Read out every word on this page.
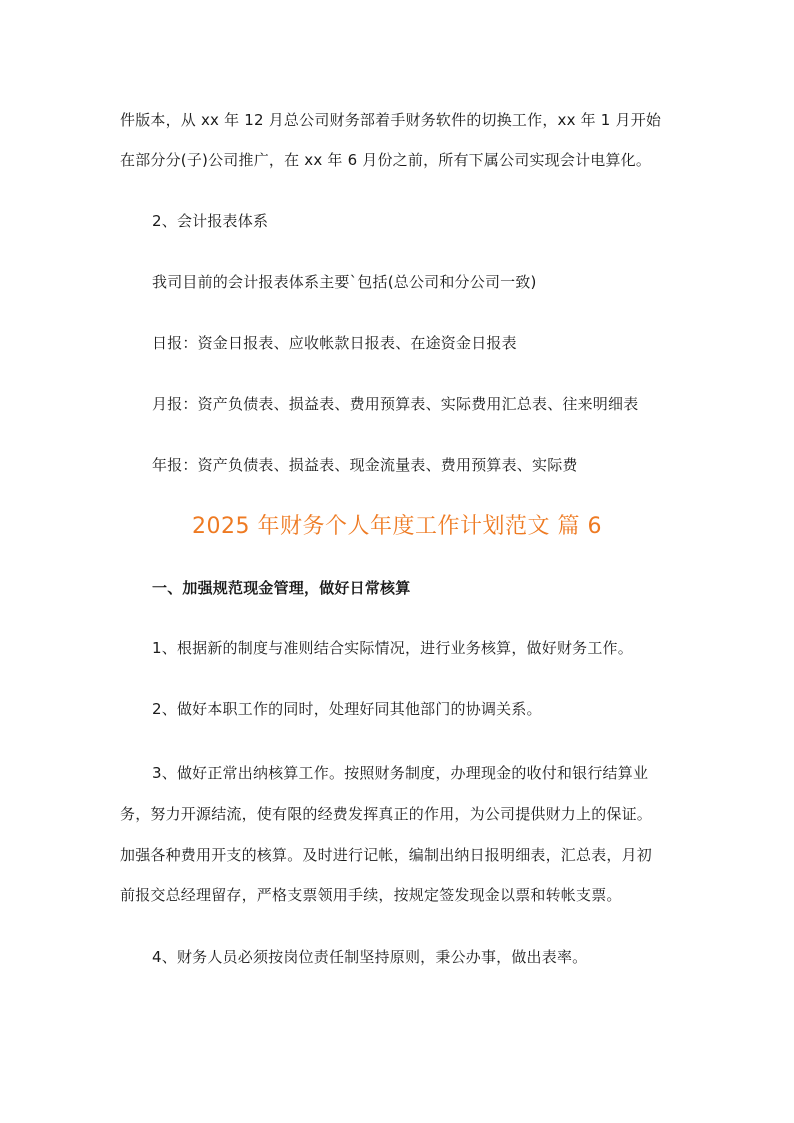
件版本，从 xx 年 12 月总公司财务部着手财务软件的切换工作，xx 年 1 月开始
在部分分(子)公司推广，在 xx 年 6 月份之前，所有下属公司实现会计电算化。
2、会计报表体系
我司目前的会计报表体系主要`包括(总公司和分公司一致)
日报：资金日报表、应收帐款日报表、在途资金日报表
月报：资产负债表、损益表、费用预算表、实际费用汇总表、往来明细表
年报：资产负债表、损益表、现金流量表、费用预算表、实际费
2025 年财务个人年度工作计划范文 篇 6
一、加强规范现金管理，做好日常核算
1、根据新的制度与准则结合实际情况，进行业务核算，做好财务工作。
2、做好本职工作的同时，处理好同其他部门的协调关系。
3、做好正常出纳核算工作。按照财务制度，办理现金的收付和银行结算业
务，努力开源结流，使有限的经费发挥真正的作用，为公司提供财力上的保证。
加强各种费用开支的核算。及时进行记帐，编制出纳日报明细表，汇总表，月初
前报交总经理留存，严格支票领用手续，按规定签发现金以票和转帐支票。
4、财务人员必须按岗位责任制坚持原则，秉公办事，做出表率。
